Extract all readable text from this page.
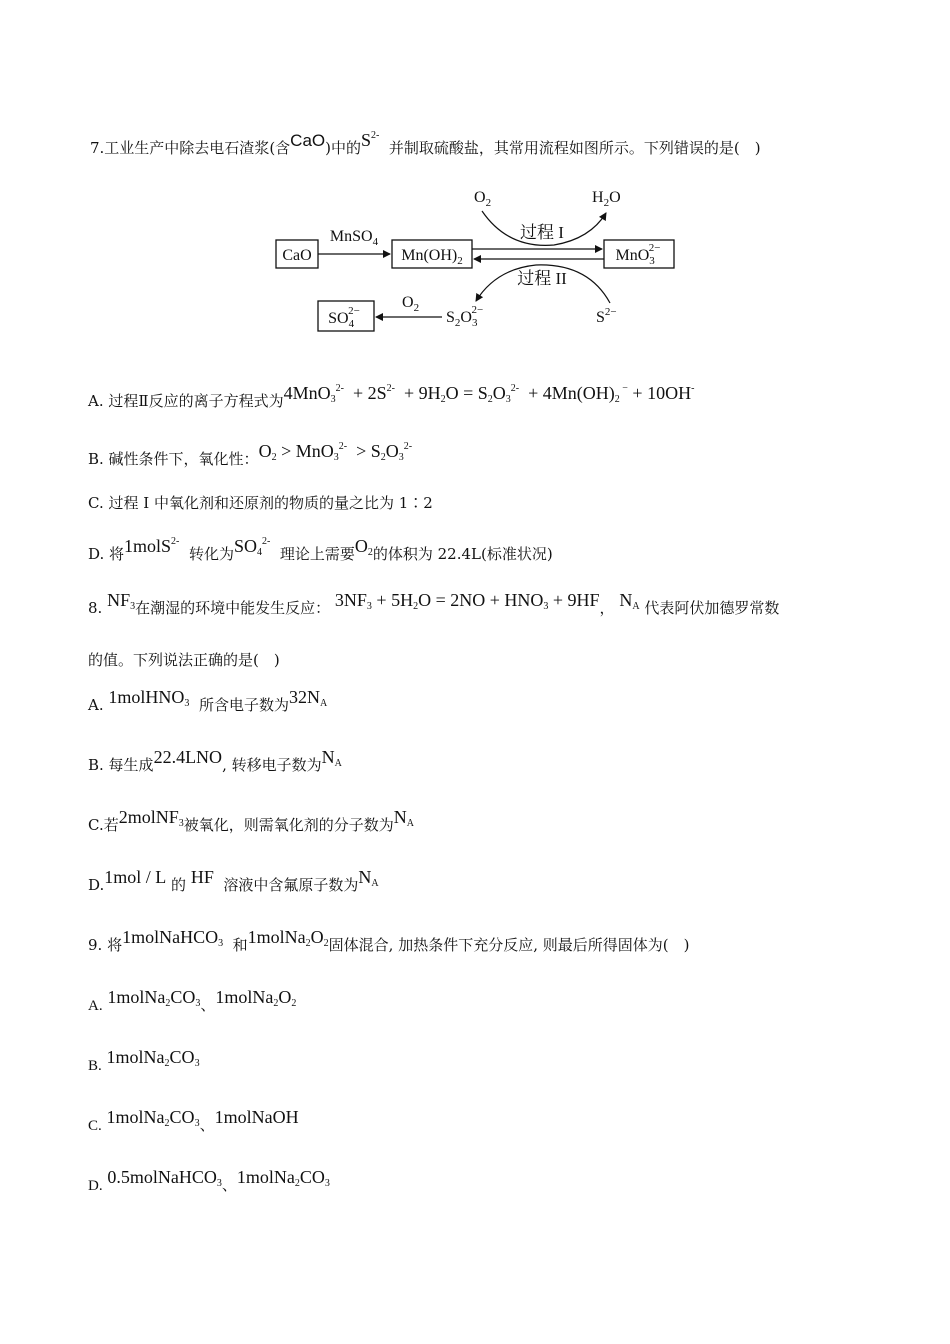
7.工业生产中除去电石渣浆(含CaO)中的$S^{2-}$  并制取硫酸盐，其常用流程如图所示。下列错误的是(　)
CaO
MnSO$_4$
$Mn(OH)_2$	MnO$_3$2−
过程 I
过程 II
$O_2$	$H_2O$
$S^{2-}$
$S_2O_32-$
$O_2$
$SO_42-$
A. 过程Ⅱ反应的离子方程式为$4MnO_3^{2-} + 2S^{2-} + 9H_2O = S_2O_3^{2-} + 4Mn(OH)_2$ − + 10OH-
B. 碱性条件下，氧化性：$O_2 > MnO_3^{2-} > S_2O_3^{2-}$
C. 过程 I 中氧化剂和还原剂的物质的量之比为 1∶2
D. 将1molS$^{2-}$  转化为$SO_4^{2-}$  理论上需要$O_2$的体积为 22.4L(标准状况)
8. $NF_3$在潮湿的环境中能发生反应： $3NF_3 + 5H_2O = 2NO + HNO_3 + 9HF$， $N_A$ 代表阿伏加德罗常数
的值。下列说法正确的是(　)
A. 1molHNO$_3$ 所含电子数为$32N_A$
B. 每生成22.4LNO, 转移电子数为$N_A$
C.若2molNF$_3$被氧化，则需氧化剂的分子数为$N_A$
D.1mol / L 的 HF 溶液中含氟原子数为$N_A$
9. 将1molNaHCO$_3$ 和$1molNa_2O_2$固体混合, 加热条件下充分反应, 则最后所得固体为(　)
A. $1molNa_2CO_3$、$1molNa_2O_2$
B. $1molNa_2CO_3$
C. $1molNa_2CO_3$、1molNaOH
D. 0.5molNaHCO$_3$、$1molNa_2CO_3$
